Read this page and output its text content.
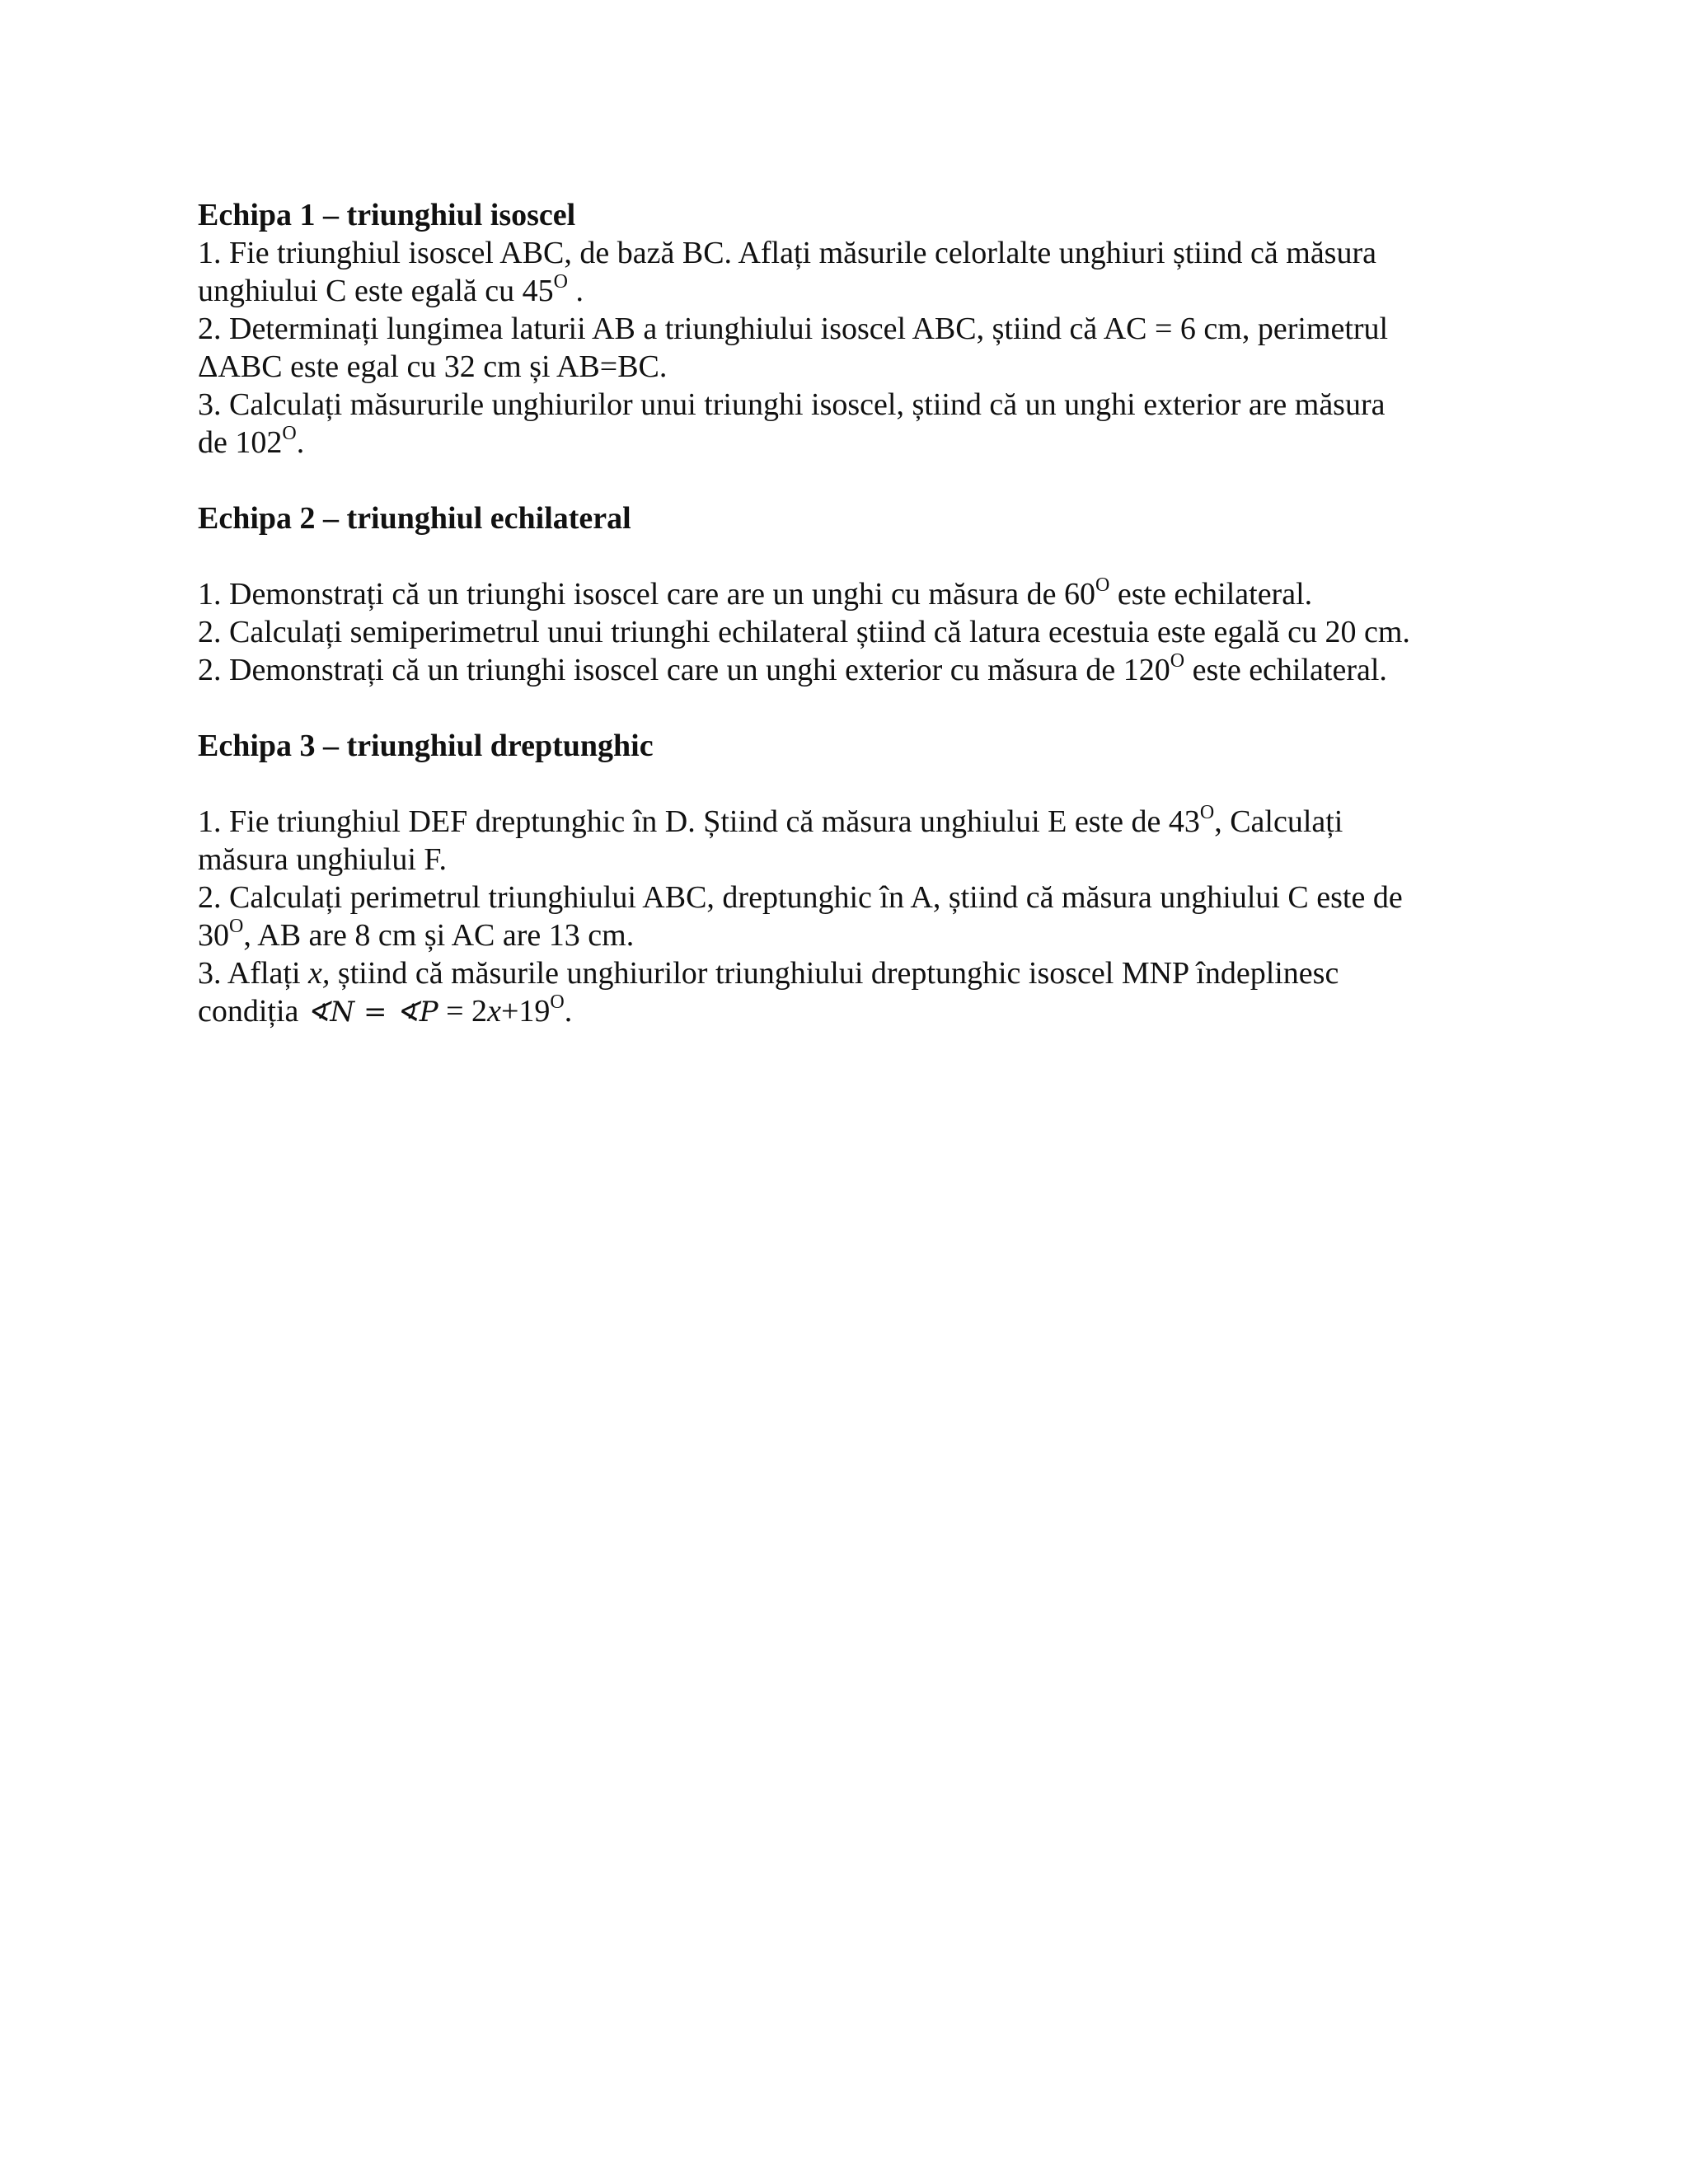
Echipa 1 – triunghiul isoscel

1. Fie triunghiul isoscel ABC, de bază BC. Aflați măsurile celorlalte unghiuri știind că măsura

unghiului C este egală cu $45^O$ .

2. Determinați lungimea laturii AB a triunghiului isoscel ABC, știind că AC = 6 cm, perimetrul

ΔABC este egal cu 32 cm și AB=BC.

3. Calculați măsururile unghiurilor unui triunghi isoscel, știind că un unghi exterior are măsura

de $102^O$.

Echipa 2 – triunghiul echilateral

1. Demonstrați că un triunghi isoscel care are un unghi cu măsura de $60^O$ este echilateral.

2. Calculați semiperimetrul unui triunghi echilateral știind că latura ecestuia este egală cu 20 cm.

2. Demonstrați că un triunghi isoscel care un unghi exterior cu măsura de $120^O$ este echilateral.

Echipa 3 – triunghiul dreptunghic

1. Fie triunghiul DEF dreptunghic în D. Știind că măsura unghiului E este de $43^O$, Calculați

măsura unghiului F.

2. Calculați perimetrul triunghiului ABC, dreptunghic în A, știind că măsura unghiului C este de

$30^O$, AB are 8 cm și AC are 13 cm.

3. Aflați x, știind că măsurile unghiurilor triunghiului dreptunghic isoscel MNP îndeplinesc

condiția ∢N = ∢P = $2x+19^O$.
